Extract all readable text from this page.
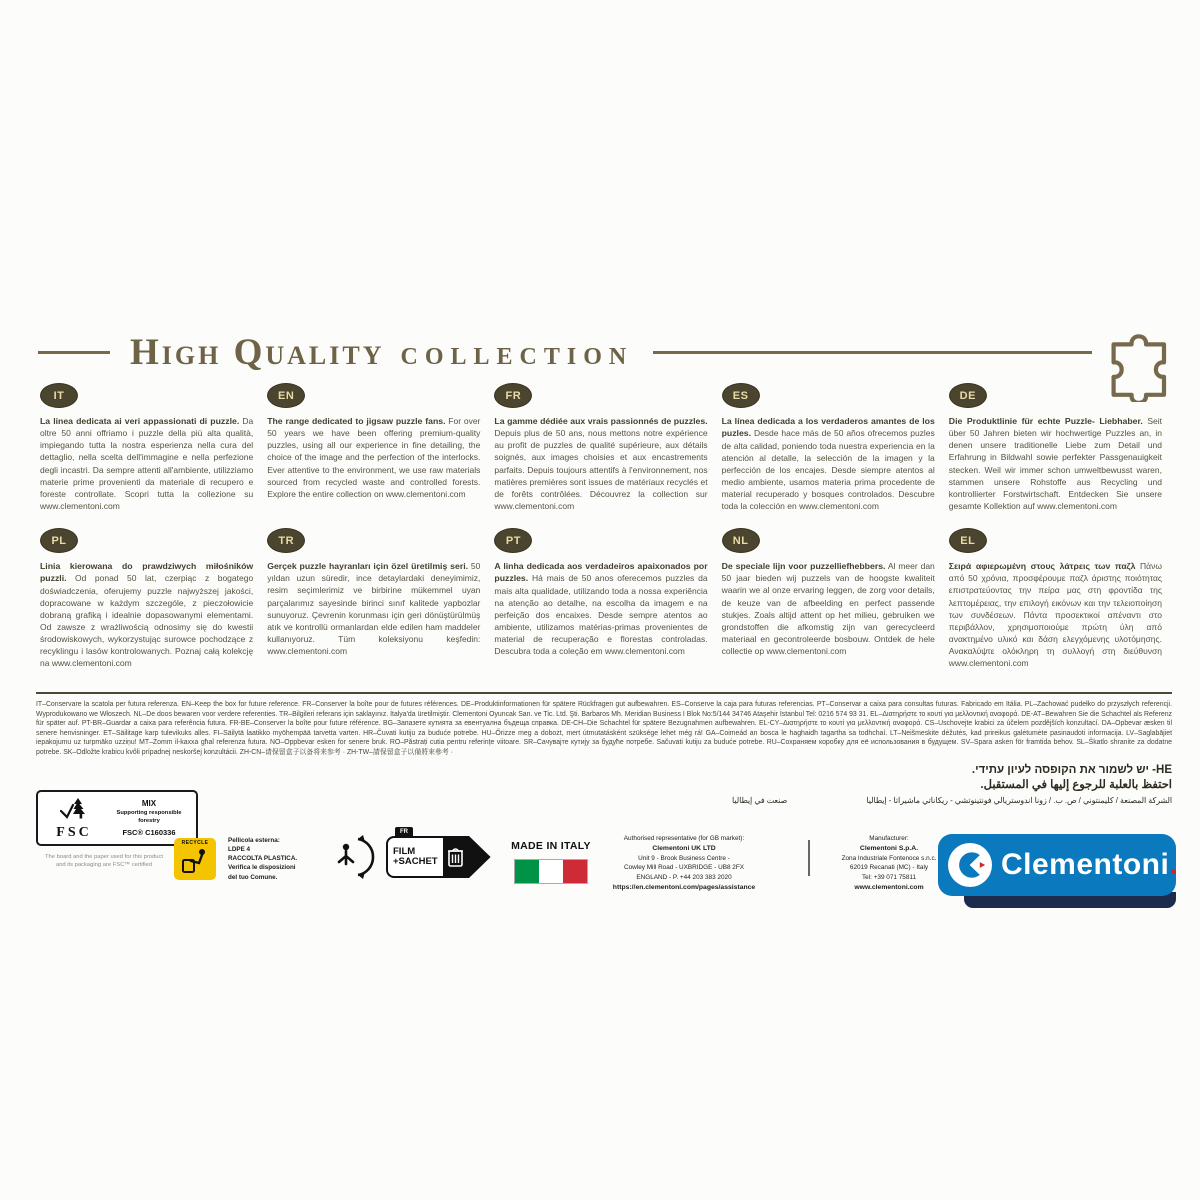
High Quality COLLECTION
IT

La linea dedicata ai veri appassionati di puzzle. Da oltre 50 anni offriamo i puzzle della più alta qualità, impiegando tutta la nostra esperienza nella cura del dettaglio, nella scelta dell'immagine e nella perfezione degli incastri. Da sempre attenti all'ambiente, utilizziamo materie prime provenienti da materiale di recupero e foreste controllate. Scopri tutta la collezione su www.clementoni.com

EN

The range dedicated to jigsaw puzzle fans. For over 50 years we have been offering premium-quality puzzles, using all our experience in fine detailing, the choice of the image and the perfection of the interlocks. Ever attentive to the environment, we use raw materials sourced from recycled waste and controlled forests. Explore the entire collection on www.clementoni.com

FR

La gamme dédiée aux vrais passionnés de puzzles. Depuis plus de 50 ans, nous mettons notre expérience au profit de puzzles de qualité supérieure, aux détails soignés, aux images choisies et aux encastrements parfaits. Depuis toujours attentifs à l'environnement, nos matières premières sont issues de matériaux recyclés et de forêts contrôlées. Découvrez la collection sur www.clementoni.com

ES

La línea dedicada a los verdaderos amantes de los puzles. Desde hace más de 50 años ofrecemos puzles de alta calidad, poniendo toda nuestra experiencia en la atención al detalle, la selección de la imagen y la perfección de los encajes. Desde siempre atentos al medio ambiente, usamos materia prima procedente de material recuperado y bosques controlados. Descubre toda la colección en www.clementoni.com

DE

Die Produktlinie für echte Puzzle- Liebhaber. Seit über 50 Jahren bieten wir hochwertige Puzzles an, in denen unsere traditionelle Liebe zum Detail und Erfahrung in Bildwahl sowie perfekter Passgenauigkeit stecken. Weil wir immer schon umweltbewusst waren, stammen unsere Rohstoffe aus Recycling und kontrollierter Forstwirtschaft. Entdecken Sie unsere gesamte Kollektion auf www.clementoni.com

PL

Linia kierowana do prawdziwych miłośników puzzli. Od ponad 50 lat, czerpiąc z bogatego doświadczenia, oferujemy puzzle najwyższej jakości, dopracowane w każdym szczególe, z pieczołowicie dobraną grafiką i idealnie dopasowanymi elementami. Od zawsze z wrażliwością odnosimy się do kwestii środowiskowych, wykorzystując surowce pochodzące z recyklingu i lasów kontrolowanych. Poznaj całą kolekcję na www.clementoni.com

TR

Gerçek puzzle hayranları için özel üretilmiş seri. 50 yıldan uzun süredir, ince detaylardaki deneyimimiz, resim seçimlerimiz ve birbirine mükemmel uyan parçalarımız sayesinde birinci sınıf kalitede yapbozlar sunuyoruz. Çevrenin korunması için geri dönüştürülmüş atık ve kontrollü ormanlardan elde edilen ham maddeler kullanıyoruz. Tüm koleksiyonu keşfedin: www.clementoni.com

PT

A linha dedicada aos verdadeiros apaixonados por puzzles. Há mais de 50 anos oferecemos puzzles da mais alta qualidade, utilizando toda a nossa experiência na atenção ao detalhe, na escolha da imagem e na perfeição dos encaixes. Desde sempre atentos ao ambiente, utilizamos matérias-primas provenientes de material de recuperação e florestas controladas. Descubra toda a coleção em www.clementoni.com

NL

De speciale lijn voor puzzelliefhebbers. Al meer dan 50 jaar bieden wij puzzels van de hoogste kwaliteit waarin we al onze ervaring leggen, de zorg voor details, de keuze van de afbeelding en perfect passende stukjes. Zoals altijd attent op het milieu, gebruiken we grondstoffen die afkomstig zijn van gerecycleerd materiaal en gecontroleerde bosbouw. Ontdek de hele collectie op www.clementoni.com

EL

Σειρά αφιερωμένη στους λάτρεις των παζλ Πάνω από 50 χρόνια, προσφέρουμε παζλ άριστης ποιότητας επιστρατεύοντας την πείρα μας στη φροντίδα της λεπτομέρειας, την επιλογή εικόνων και την τελειοποίηση των συνδέσεων. Πάντα προσεκτικοί απέναντι στο περιβάλλον, χρησιμοποιούμε πρώτη ύλη από ανακτημένο υλικό και δάση ελεγχόμενης υλοτόμησης. Ανακαλύψτε ολόκληρη τη συλλογή στη διεύθυνση www.clementoni.com

IT–Conservare la scatola per futura referenza. EN–Keep the box for future reference. FR–Conserver la boîte pour de futures références. DE–Produktinformationen für spätere Rückfragen gut aufbewahren. ES–Conserve la caja para futuras referencias. PT–Conservar a caixa para consultas futuras. Fabricado em Itália. PL–Zachować pudełko do przyszłych referencji. Wyprodukowano we Włoszech. NL–De doos bewaren voor verdere referenties. TR–Bilgileri referans için saklayınız. İtalya'da üretilmiştir. Clementoni Oyuncak San. ve Tic. Ltd. Şti. Barbaros Mh. Meridian Business I Blok No:5/144 34746 Ataşehir İstanbul Tel: 0216 574 93 31. EL–Διατηρήστε το κουτί για μελλοντική αναφορά. DE-AT–Bewahren Sie die Schachtel als Referenz für später auf. PT-BR–Guardar a caixa para referência futura. FR-BE–Conserver la boîte pour future référence. BG–Запазете кутията за евентуална бъдеща справка. DE-CH–Die Schachtel für spätere Bezugnahmen aufbewahren. EL-CY–Διατηρήστε το κουτί για μελλοντική αναφορά. CS–Uschovejte krabici za účelem pozdějších konzultací. DA–Opbevar æsken til senere henvisninger. ET–Säilitage karp tulevikuks alles. FI–Säilytä laatikko myöhempää tarvetta varten. HR–Čuvati kutiju za buduće potrebe. HU–Őrizze meg a dobozt, mert útmutatásként szüksége lehet még rá! GA–Coimeád an bosca le haghaidh tagartha sa todhchaí. LT–Neišmeskite dėžutės, kad prireikus galėtumėte pasinaudoti informacija. LV–Saglabājiet iepakojumu uz turpmāko uzziņu! MT–Żomm il-kaxxa għal referenza futura. NO–Oppbevar esken for senere bruk. RO–Păstrați cutia pentru referințe viitoare. SR–Сачувајте кутију за будуће потребе. Sačuvati kutiju za buduće potrebe. RU–Сохраняем коробку для её использования в будущем. SV–Spara asken för framtida behov. SL–Škatlo shranite za dodatne potrebe. SK–Odložte krabicu kvôli prípadnej neskoršej konzultácii. ZH-CN–请保留盒子以备将来参考 · ZH-TW–請保留盒子以備將來參考 ·
HE- יש לשמור את הקופסה לעיון עתידי.
احتفظ بالعلبة للرجوع إليها في المستقبل.
الشركة المصنعة / كليمنتوني / ص. ب. / زونا اندوستريالي فونتينوتشي - ريكاناتي ماشيراتا - إيطاليا
صنعت في إيطاليا
FSC
MIX
Supporting responsible forestry
FSC® C160336
The board and the paper used for this product
and its packaging are FSC™ certified
RECYCLE	Pellicola esterna:
LDPE 4
RACCOLTA PLASTICA.
Verifica le disposizioni
del tuo Comune.
FR
FILM
+SACHET
MADE IN ITALY
Authorised representative (for GB market):
Clementoni UK LTD
Unit 9 - Brook Business Centre -
Cowley Mill Road - UXBRIDGE - UB8 2FX
ENGLAND - P. +44 203 383 2020
https://en.clementoni.com/pages/assistance
Manufacturer:
Clementoni S.p.A.
Zona Industriale Fontenoce s.n.c.
62019 Recanati (MC) - Italy
Tel: +39 071 75811
www.clementoni.com
Clementoni.
